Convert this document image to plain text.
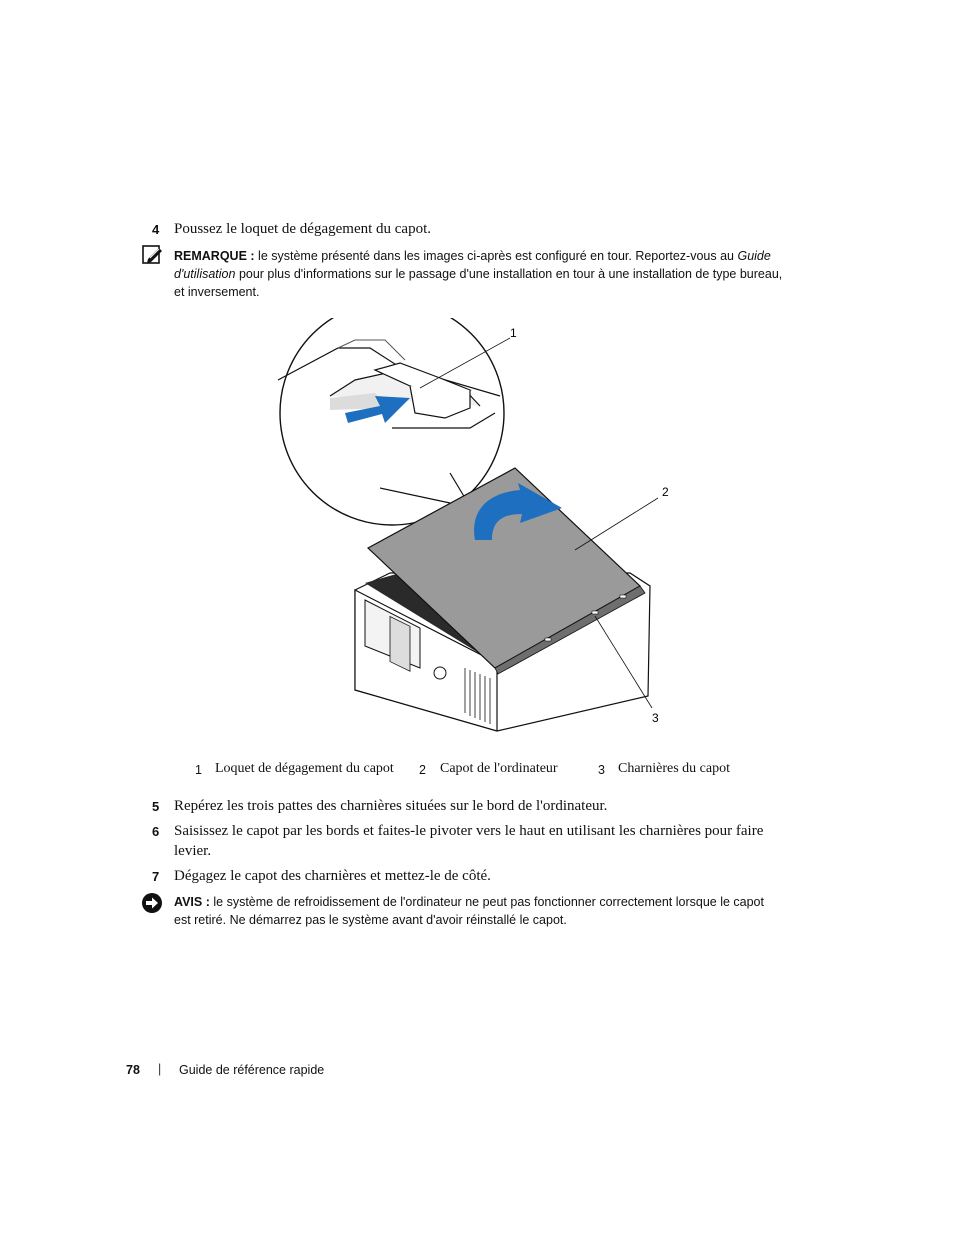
4 Poussez le loquet de dégagement du capot.
REMARQUE : le système présenté dans les images ci-après est configuré en tour. Reportez-vous au Guide
d'utilisation pour plus d'informations sur le passage d'une installation en tour à une installation de type bureau,
et inversement.
1
2
3
1 Loquet de dégagement du capot 2 Capot de l'ordinateur	3 Charnières du capot
5 Repérez les trois pattes des charnières situées sur le bord de l'ordinateur.
6 Saisissez le capot par les bords et faites-le pivoter vers le haut en utilisant les charnières pour faire
levier.
7 Dégagez le capot des charnières et mettez-le de côté.
AVIS : le système de refroidissement de l'ordinateur ne peut pas fonctionner correctement lorsque le capot
est retiré. Ne démarrez pas le système avant d'avoir réinstallé le capot.
78 | Guide de référence rapide
